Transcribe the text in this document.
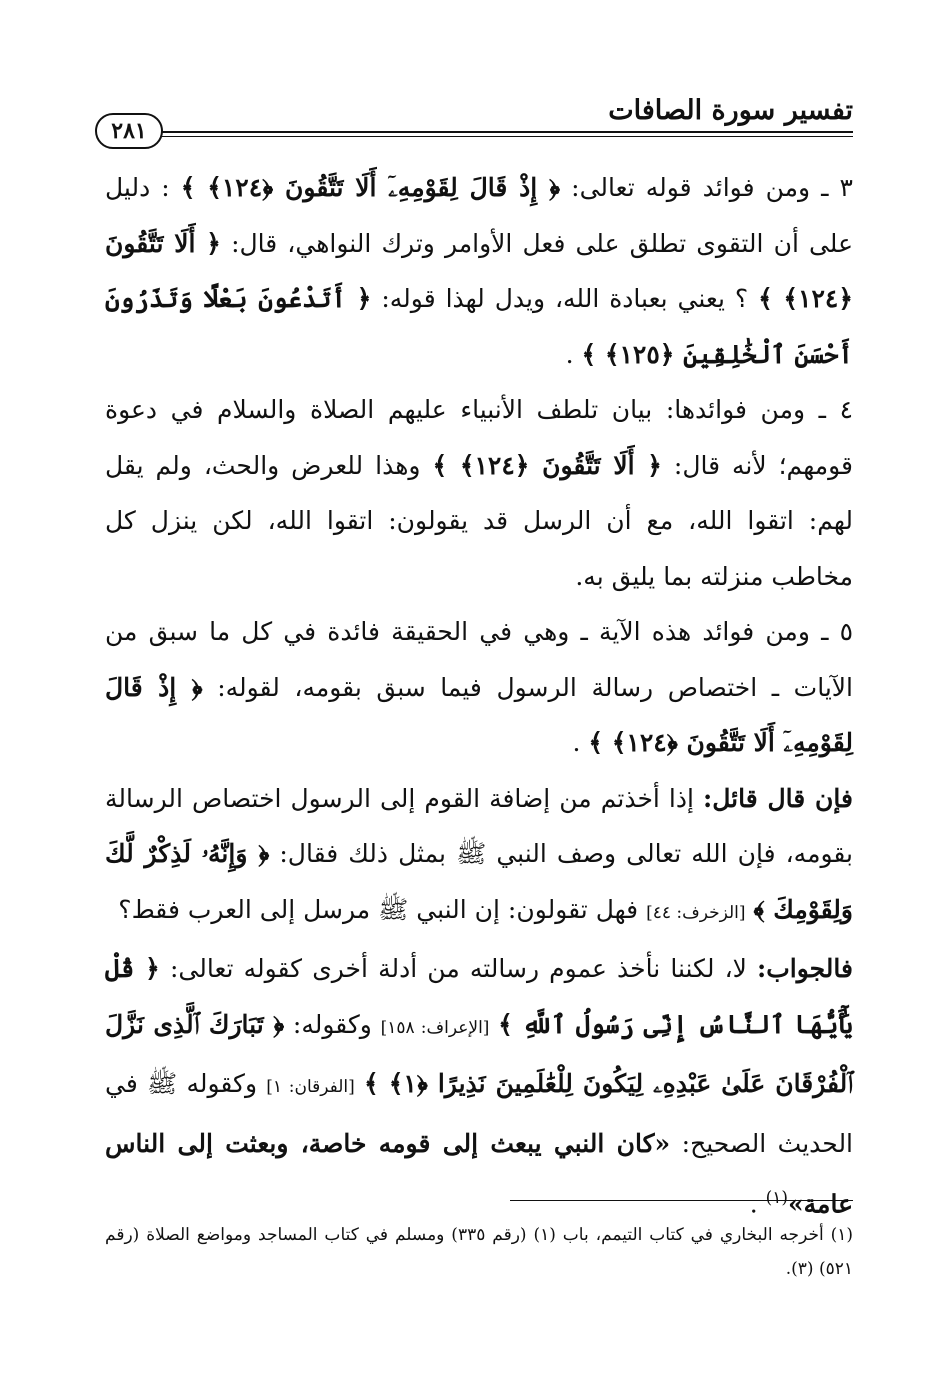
تفسير سورة الصافات
٢٨١

٣ ـ ومن فوائد قوله تعالى: ﴿ إِذْ قَالَ لِقَوْمِهِۦٓ أَلَا تَتَّقُونَ ﴿١٢٤﴾ ﴾ : دليل على أن التقوى تطلق على فعل الأوامر وترك النواهي، قال: ﴿ أَلَا تَتَّقُونَ ﴿١٢٤﴾ ﴾ ؟ يعني بعبادة الله، ويدل لهذا قوله: ﴿ أَتَدْعُونَ بَعْلًا وَتَذَرُونَ أَحْسَنَ ٱلْخَٰلِقِينَ ﴿١٢٥﴾ ﴾ .

٤ ـ ومن فوائدها: بيان تلطف الأنبياء عليهم الصلاة والسلام في دعوة قومهم؛ لأنه قال: ﴿ أَلَا تَتَّقُونَ ﴿١٢٤﴾ ﴾ وهذا للعرض والحث، ولم يقل لهم: اتقوا الله، مع أن الرسل قد يقولون: اتقوا الله، لكن ينزل كل مخاطب منزلته بما يليق به.

٥ ـ ومن فوائد هذه الآية ـ وهي في الحقيقة فائدة في كل ما سبق من الآيات ـ اختصاص رسالة الرسول فيما سبق بقومه، لقوله: ﴿ إِذْ قَالَ لِقَوْمِهِۦٓ أَلَا تَتَّقُونَ ﴿١٢٤﴾ ﴾ .

فإن قال قائل: إذا أخذتم من إضافة القوم إلى الرسول اختصاص الرسالة بقومه، فإن الله تعالى وصف النبي ﷺ بمثل ذلك فقال: ﴿ وَإِنَّهُۥ لَذِكْرٌ لَّكَ وَلِقَوْمِكَ ﴾ [الزخرف: ٤٤] فهل تقولون: إن النبي ﷺ مرسل إلى العرب فقط؟

فالجواب: لا، لكننا نأخذ عموم رسالته من أدلة أخرى كقوله تعالى: ﴿ قُلْ يَٰٓأَيُّهَا ٱلنَّاسُ إِنِّى رَسُولُ ٱللَّهِ ﴾ [الإعراف: ١٥٨] وكقوله: ﴿ تَبَارَكَ ٱلَّذِى نَزَّلَ ٱلْفُرْقَانَ عَلَىٰ عَبْدِهِۦ لِيَكُونَ لِلْعَٰلَمِينَ نَذِيرًا ﴿١﴾ ﴾ [الفرقان: ١] وكقوله ﷺ في الحديث الصحيح: «كان النبي يبعث إلى قومه خاصة، وبعثت إلى الناس عامة»$^{(١)}$ .

(١) أخرجه البخاري في كتاب التيمم، باب (١) (رقم ٣٣٥) ومسلم في كتاب المساجد ومواضع الصلاة (رقم ٥٢١) (٣).
